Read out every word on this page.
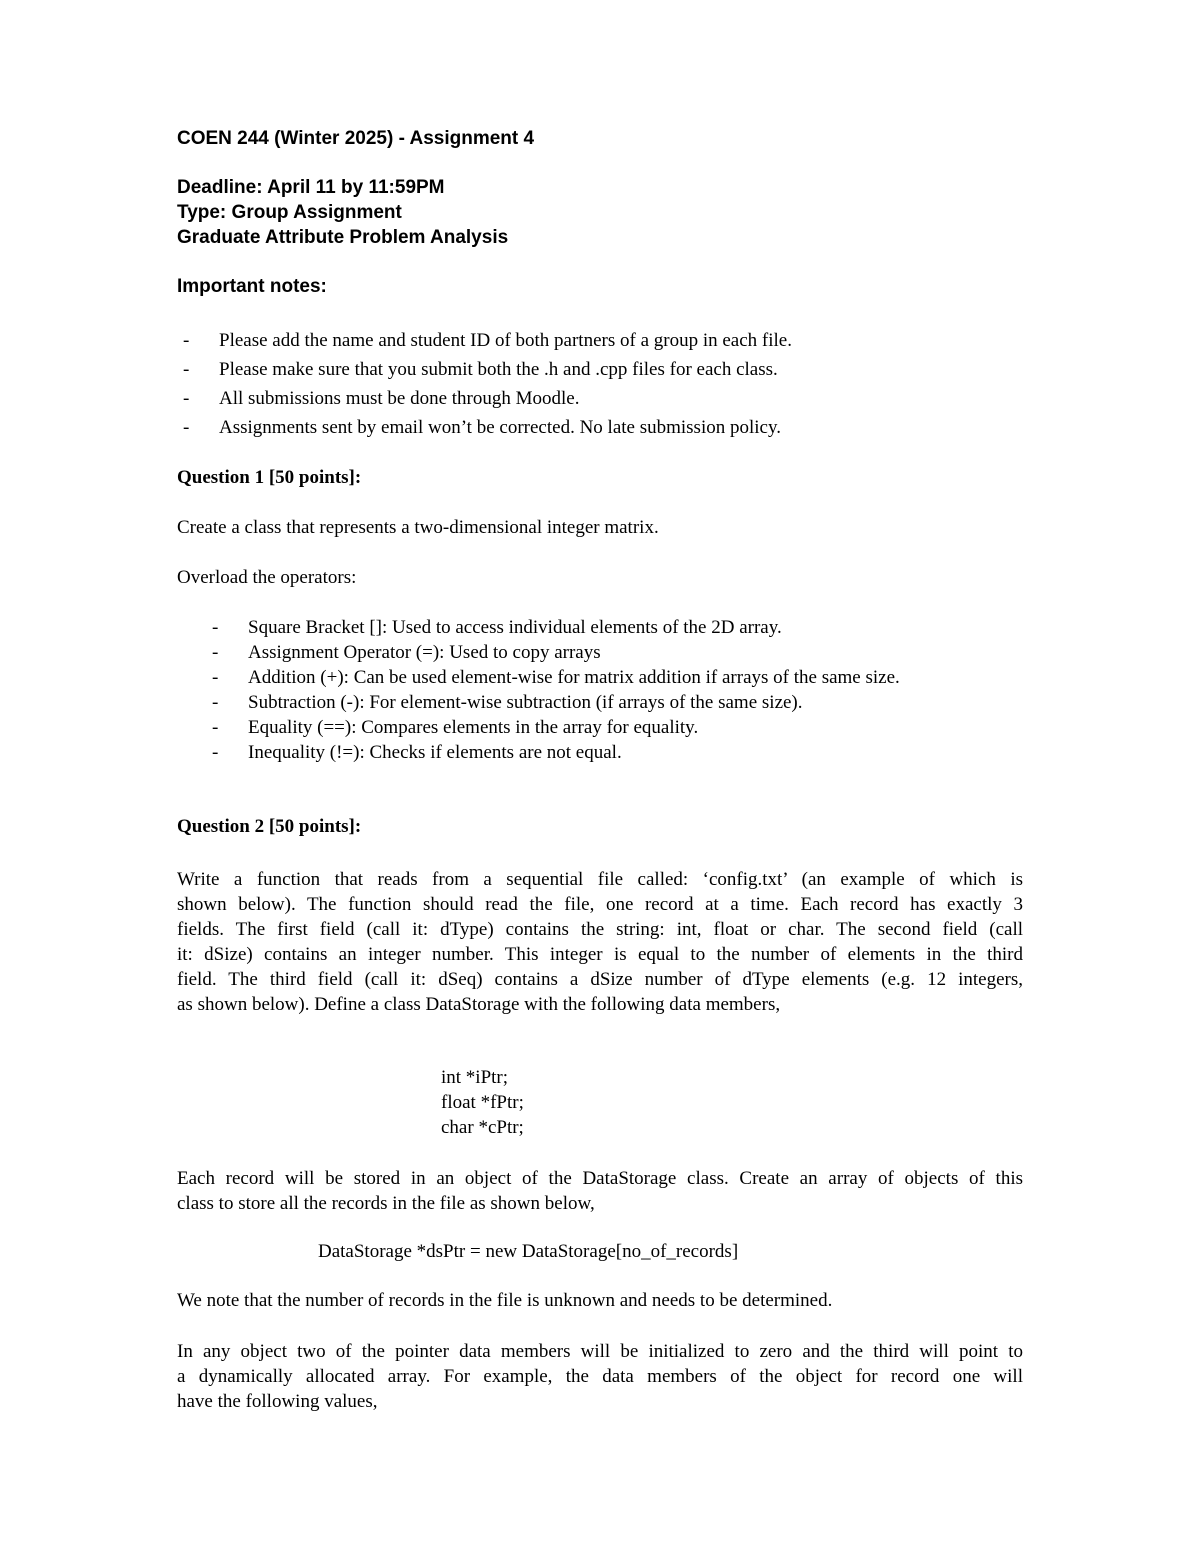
COEN 244 (Winter 2025) - Assignment 4
Deadline: April 11 by 11:59PM
Type: Group Assignment
Graduate Attribute Problem Analysis
Important notes:
- Please add the name and student ID of both partners of a group in each file.
- Please make sure that you submit both the .h and .cpp files for each class.
- All submissions must be done through Moodle.
- Assignments sent by email won’t be corrected. No late submission policy.
Question 1 [50 points]:
Create a class that represents a two-dimensional integer matrix.
Overload the operators:
- Square Bracket []: Used to access individual elements of the 2D array.
- Assignment Operator (=): Used to copy arrays
- Addition (+): Can be used element-wise for matrix addition if arrays of the same size.
- Subtraction (-): For element-wise subtraction (if arrays of the same size).
- Equality (==): Compares elements in the array for equality.
- Inequality (!=): Checks if elements are not equal.
Question 2 [50 points]:
Write a function that reads from a sequential file called: ‘config.txt’ (an example of which is
shown below). The function should read the file, one record at a time. Each record has exactly 3
fields. The first field (call it: dType) contains the string: int, float or char. The second field (call
it: dSize) contains an integer number. This integer is equal to the number of elements in the third
field. The third field (call it: dSeq) contains a dSize number of dType elements (e.g. 12 integers,
as shown below). Define a class DataStorage with the following data members,
int *iPtr;
float *fPtr;
char *cPtr;
Each record will be stored in an object of the DataStorage class. Create an array of objects of this
class to store all the records in the file as shown below,
DataStorage *dsPtr = new DataStorage[no_of_records]
We note that the number of records in the file is unknown and needs to be determined.
In any object two of the pointer data members will be initialized to zero and the third will point to
a dynamically allocated array. For example, the data members of the object for record one will
have the following values,
